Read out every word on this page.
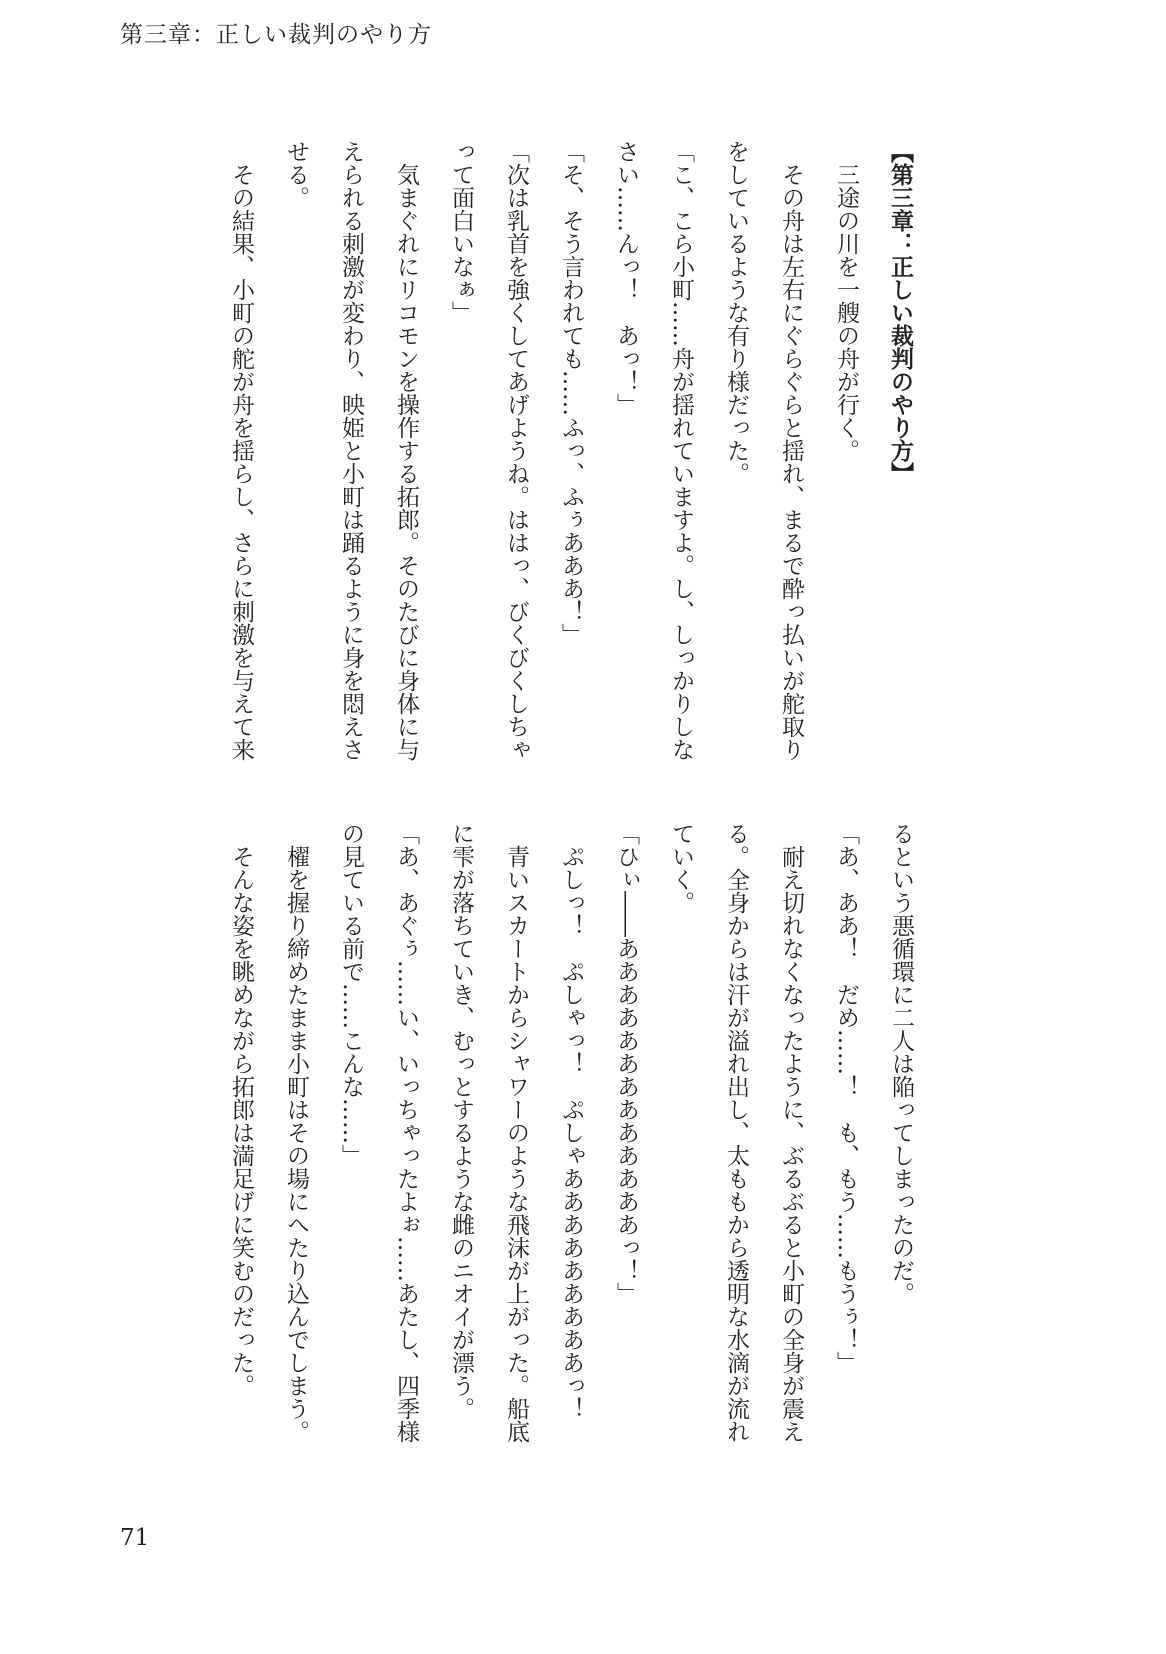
第三章：正しい裁判のやり方
【第三章：正しい裁判のやり方】
　三途の川を一艘の舟が行く。
　その舟は左右にぐらぐらと揺れ、まるで酔っ払いが舵取り
をしているような有り様だった。
「こ、こら小町……舟が揺れていますよ。し、しっかりしな
さい……んっ！　あっ！」
「そ、そう言われても……ふっ、ふぅあああ！」
「次は乳首を強くしてあげようね。ははっ、びくびくしちゃ
って面白いなぁ」
　気まぐれにリコモンを操作する拓郎。そのたびに身体に与
えられる刺激が変わり、映姫と小町は踊るように身を悶えさ
せる。
　その結果、小町の舵が舟を揺らし、さらに刺激を与えて来
るという悪循環に二人は陥ってしまったのだ。
「あ、ああ！　だめ……！　も、もう……もうぅ！」
　耐え切れなくなったように、ぶるぶると小町の全身が震え
る。全身からは汗が溢れ出し、太ももから透明な水滴が流れ
ていく。
「ひぃ――あああああああああああああっ！」
　ぷしっ！　ぷしゃっ！　ぷしゃあああああああああっ！
　青いスカートからシャワーのような飛沫が上がった。船底
に雫が落ちていき、むっとするような雌のニオイが漂う。
「あ、あぐぅ……い、いっちゃったよぉ……あたし、四季様
の見ている前で……こんな……」
　櫂を握り締めたまま小町はその場にへたり込んでしまう。
　そんな姿を眺めながら拓郎は満足げに笑むのだった。
71
